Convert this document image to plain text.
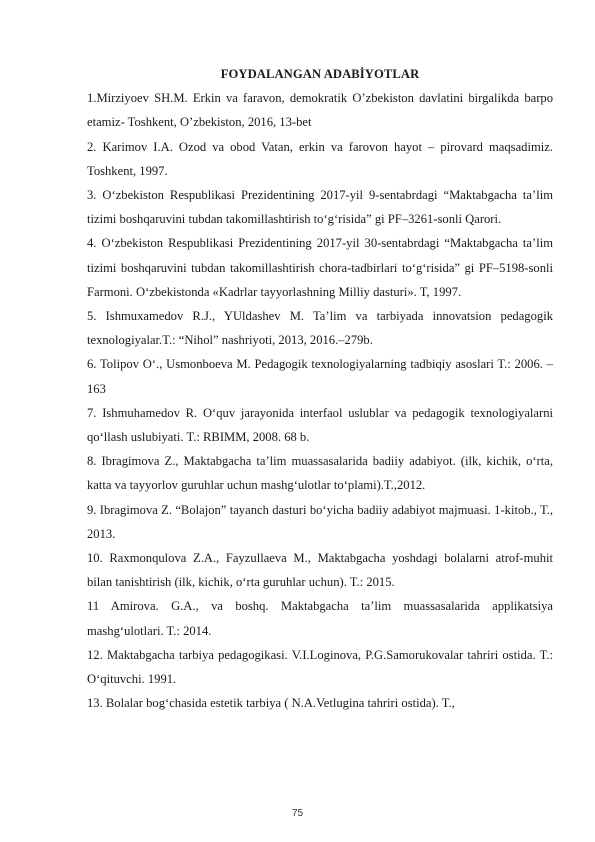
FOYDALANGAN ADABİYOTLAR

1.Mirziyoev SH.M. Erkin va faravon, demokratik O’zbekiston davlatini birgalikda barpo etamiz- Toshkent, O’zbekiston, 2016, 13-bet

2. Karimov I.A. Ozod va obod Vatan, erkin va farovon hayot – pirovard maqsadimiz. Toshkent, 1997.

3. O‘zbekiston Respublikasi Prezidentining 2017-yil 9-sentabrdagi “Maktabgacha ta’lim tizimi boshqaruvini tubdan takomillashtirish to‘g‘risida” gi PF–3261-sonli Qarori.

4. O‘zbekiston Respublikasi Prezidentining 2017-yil 30-sentabrdagi “Maktabgacha ta’lim tizimi boshqaruvini tubdan takomillashtirish chora-tadbirlari to‘g‘risida” gi PF–5198-sonli Farmoni. O‘zbekistonda «Kadrlar tayyorlashning Milliy dasturi». T, 1997.

5. Ishmuxamedov R.J., YUldashev M. Ta’lim va tarbiyada innovatsion pedagogik texnologiyalar.T.: “Nihol” nashriyoti, 2013, 2016.–279b.

6. Tolipov O‘., Usmonboeva M. Pedagogik texnologiyalarning tadbiqiy asoslari T.: 2006. – 163

7. Ishmuhamedov R. O‘quv jarayonida interfaol uslublar va pedagogik texnologiyalarni qo‘llash uslubiyati. T.: RBIMM, 2008. 68 b.

8. Ibragimova Z., Maktabgacha ta’lim muassasalarida badiiy adabiyot. (ilk, kichik, o‘rta, katta va tayyorlov guruhlar uchun mashg‘ulotlar to‘plami).T.,2012.

9. Ibragimova Z. “Bolajon” tayanch dasturi bo‘yicha badiiy adabiyot majmuasi. 1-kitob., T., 2013.

10. Raxmonqulova Z.A., Fayzullaeva M., Maktabgacha yoshdagi bolalarni atrof-muhit bilan tanishtirish (ilk, kichik, o‘rta guruhlar uchun). T.: 2015.

11 Amirova. G.A., va boshq. Maktabgacha ta’lim muassasalarida applikatsiya mashg‘ulotlari. T.: 2014.

12. Maktabgacha tarbiya pedagogikasi. V.I.Loginova, P.G.Samorukovalar tahriri ostida. T.: O‘qituvchi. 1991.

13. Bolalar bog‘chasida estetik tarbiya ( N.A.Vetlugina tahriri ostida). T.,

75
